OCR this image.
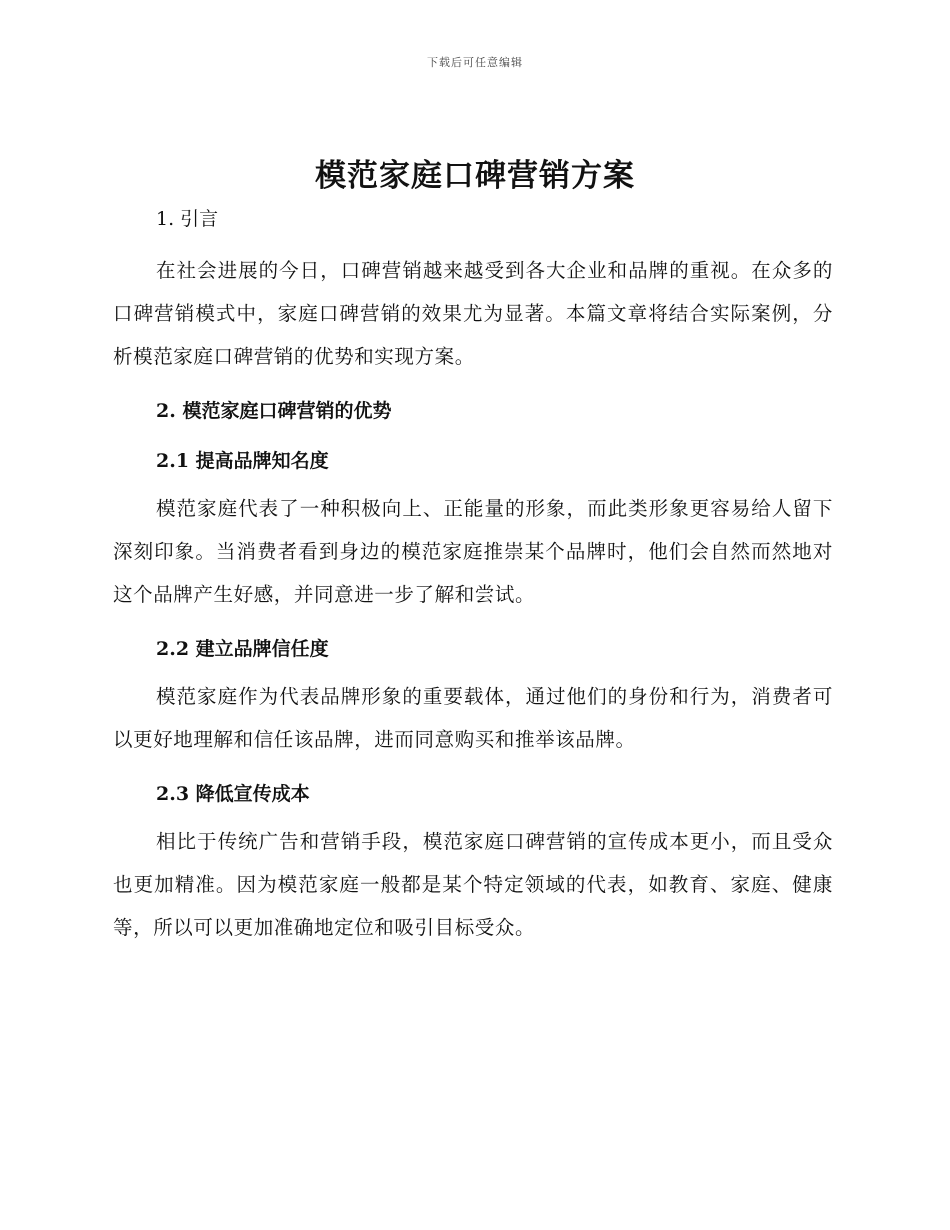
下载后可任意编辑
模范家庭口碑营销方案
1. 引言

在社会进展的今日，口碑营销越来越受到各大企业和品牌的重视。在众多的口碑营销模式中，家庭口碑营销的效果尤为显著。本篇文章将结合实际案例，分析模范家庭口碑营销的优势和实现方案。

2. 模范家庭口碑营销的优势
2.1 提高品牌知名度

模范家庭代表了一种积极向上、正能量的形象，而此类形象更容易给人留下深刻印象。当消费者看到身边的模范家庭推崇某个品牌时，他们会自然而然地对这个品牌产生好感，并同意进一步了解和尝试。

2.2 建立品牌信任度

模范家庭作为代表品牌形象的重要载体，通过他们的身份和行为，消费者可以更好地理解和信任该品牌，进而同意购买和推举该品牌。

2.3 降低宣传成本

相比于传统广告和营销手段，模范家庭口碑营销的宣传成本更小，而且受众也更加精准。因为模范家庭一般都是某个特定领域的代表，如教育、家庭、健康等，所以可以更加准确地定位和吸引目标受众。
